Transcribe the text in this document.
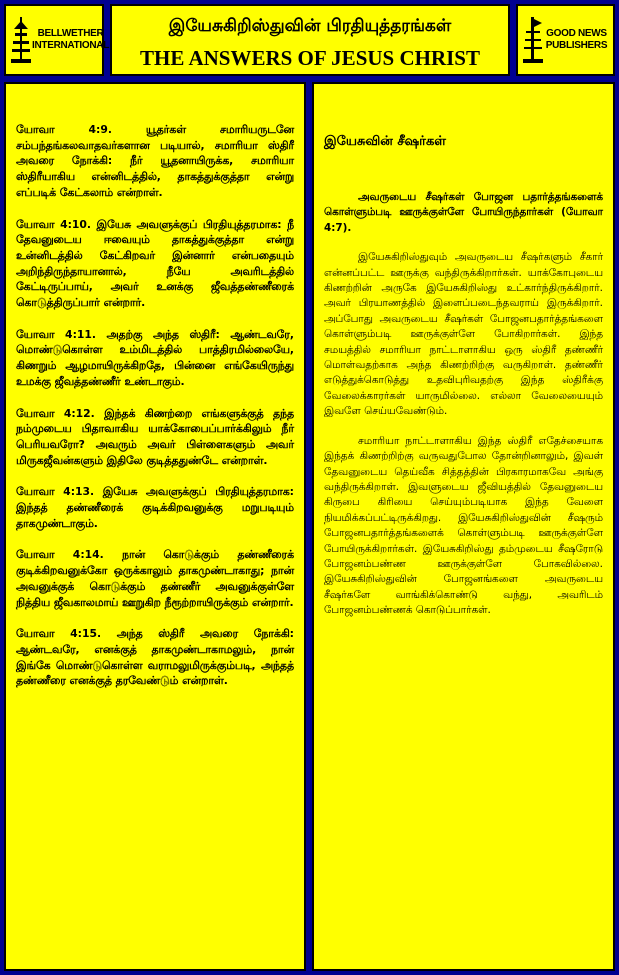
BELLWETHER
INTERNATIONAL
இயேசுகிறிஸ்துவின் பிரதியுத்தரங்கள்
THE ANSWERS OF JESUS CHRIST
GOOD NEWS
PUBLISHERS

யோவா 4:9. யூதர்கள் சமாரியருடனே சம்பந்தங்கலவாதவர்களான படியால், சமாரியா ஸ்திரீ அவரை நோக்கி: நீர் யூதனாயிருக்க, சமாரியா ஸ்திரீயாகிய என்னிடத்தில், தாகத்துக்குத்தா என்று எப்படிக் கேட்கலாம் என்றாள்.

யோவா 4:10. இயேசு அவளுக்குப் பிரதியுத்தரமாக: நீ தேவனுடைய ஈவையும் தாகத்துக்குத்தா என்று உன்னிடத்தில் கேட்கிறவர் இன்னார் என்பதையும் அறிந்திருந்தாயானால், நீயே அவரிடத்தில் கேட்டிருப்பாய், அவர் உனக்கு ஜீவத்தண்ணீரைக் கொடுத்திருப்பார் என்றார்.

யோவா 4:11. அதற்கு அந்த ஸ்திரீ: ஆண்டவரே, மொண்டுகொள்ள உம்மிடத்தில் பாத்திரமில்லையே, கிணறும் ஆழமாயிருக்கிறதே, பின்னை எங்கேயிருந்து உமக்கு ஜீவத்தண்ணீர் உண்டாகும்.

யோவா 4:12. இந்தக் கிணற்றை எங்களுக்குத் தந்த நம்முடைய பிதாவாகிய யாக்கோபைப்பார்க்கிலும் நீர் பெரியவரோ? அவரும் அவர் பிள்ளைகளும் அவர் மிருகஜீவன்களும் இதிலே குடித்ததுண்டே என்றாள்.

யோவா 4:13. இயேசு அவளுக்குப் பிரதியுத்தரமாக: இந்தத் தண்ணீரைக் குடிக்கிறவனுக்கு மறுபடியும் தாகமுண்டாகும்.

யோவா 4:14. நான் கொடுக்கும் தண்ணீரைக் குடிக்கிறவனுக்கோ ஒருக்காலும் தாகமுண்டாகாது; நான் அவனுக்குக் கொடுக்கும் தண்ணீர் அவனுக்குள்ளே நித்திய ஜீவகாலமாய் ஊறுகிற நீரூற்றாயிருக்கும் என்றார்.

யோவா 4:15. அந்த ஸ்திரீ அவரை நோக்கி: ஆண்டவரே, எனக்குத் தாகமுண்டாகாமலும், நான் இங்கே மொண்டுகொள்ள வராமலுமிருக்கும்படி, அந்தத் தண்ணீரை எனக்குத் தரவேண்டும் என்றாள்.

இயேசுவின் சீஷர்கள்

அவருடைய சீஷர்கள் போஜன பதார்த்தங்களைக் கொள்ளும்படி ஊருக்குள்ளே போயிருந்தார்கள் (யோவா 4:7).

இயேசுகிறிஸ்துவும் அவருடைய சீஷர்களும் சீகார் என்னப்பட்ட ஊருக்கு வந்திருக்கிறார்கள். யாக்கோபுடைய கிணற்றின் அருகே இயேசுகிறிஸ்து உட்கார்ந்திருக்கிறார். அவர் பிரயாணத்தில் இளைப்படைந்தவராய் இருக்கிறார். அப்போது அவருடைய சீஷர்கள் போஜனபதார்த்தங்களை கொள்ளும்படி ஊருக்குள்ளே போகிறார்கள். இந்த சமயத்தில் சமாரியா நாட்டாளாகிய ஒரு ஸ்திரீ தண்ணீர் மொள்வதற்காக அந்த கிணற்றிற்கு வருகிறாள். தண்ணீர் எடுத்துக்கொடுத்து உதவிபுரிவதற்கு இந்த ஸ்திரீக்கு வேலைக்காரர்கள் யாருமில்லை. எல்லா வேலையையும் இவளே செய்யவேண்டும்.

சமாரியா நாட்டாளாகிய இந்த ஸ்திரீ எதேச்சையாக இந்தக் கிணற்றிற்கு வருவதுபோல தோன்றினாலும், இவள் தேவனுடைய தெய்வீக சித்தத்தின் பிரகாரமாகவே அங்கு வந்திருக்கிறாள். இவளுடைய ஜீவியத்தில் தேவனுடைய கிருபை கிரியை செய்யும்படியாக இந்த வேளை நியமிக்கப்பட்டிருக்கிறது. இயேசுகிறிஸ்துவின் சீஷரும் போஜனபதார்த்தங்களைக் கொள்ளும்படி ஊருக்குள்ளே போயிருக்கிறார்கள். இயேசுகிறிஸ்து தம்முடைய சீஷரோடு போஜனம்பண்ண ஊருக்குள்ளே போகவில்லை. இயேசுகிறிஸ்துவின் போஜனங்களை அவருடைய சீஷர்களே வாங்கிக்கொண்டு வந்து, அவரிடம் போஜனம்பண்ணக் கொடுப்பார்கள்.
